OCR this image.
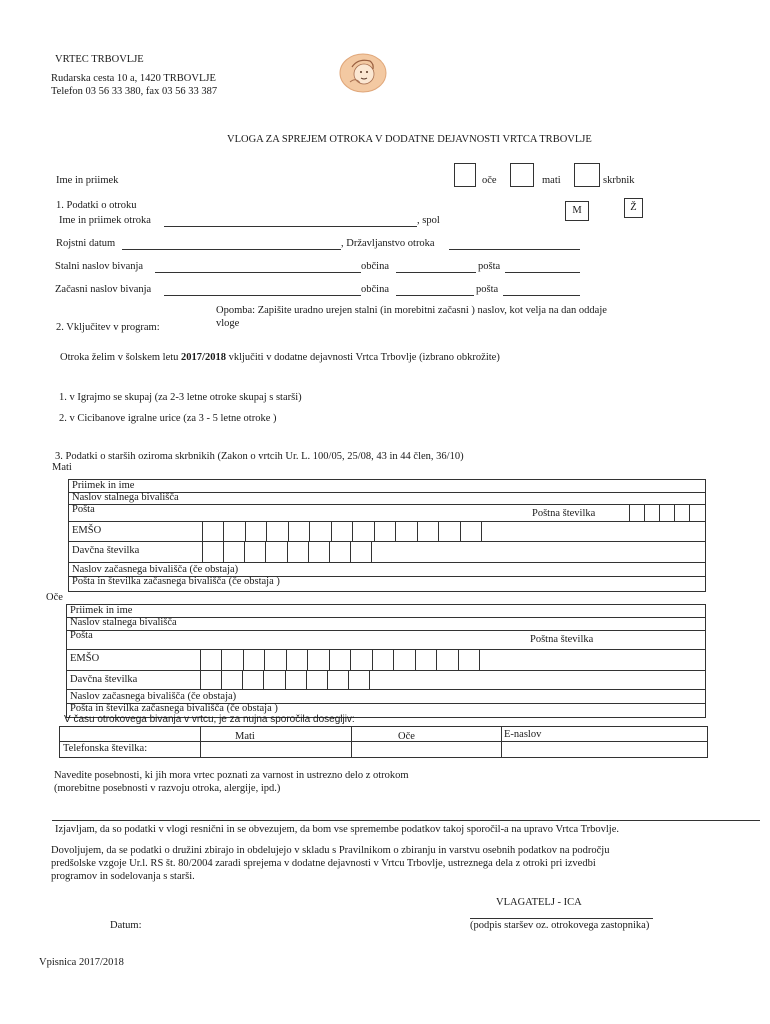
VRTEC TRBOVLJE
Rudarska cesta 10 a, 1420 TRBOVLJE
Telefon 03 56 33 380, fax 03 56 33 387
VLOGA ZA SPREJEM OTROKA V DODATNE DEJAVNOSTI VRTCA TRBOVLJE
Ime in priimek	oče	mati	skrbnik
1. Podatki o otroku
Ime in priimek otroka	, spol
M	Ž
Rojstni datum	, Državljanstvo otroka
Stalni naslov bivanja	občina	pošta
Začasni naslov bivanja	občina	pošta
Opomba: Zapišite uradno urejen stalni (in morebitni začasni ) naslov, kot velja na dan oddaje
vloge
2. Vključitev v program:
Otroka želim v šolskem letu 2017/2018 vključiti v dodatne dejavnosti Vrtca Trbovlje (izbrano obkrožite)
1. v Igrajmo se skupaj (za 2-3 letne otroke skupaj s starši)
2. v Cicibanove igralne urice (za 3 - 5 letne otroke )
3. Podatki o starših oziroma skrbnikih (Zakon o vrtcih Ur. L. 100/05, 25/08, 43 in 44 člen, 36/10)
Mati
Priimek in ime
Naslov stalnega bivališča
Pošta	Poštna številka
EMŠO
Davčna številka
Naslov začasnega bivališča (če obstaja)
Pošta in številka začasnega bivališča (če obstaja )
Oče
Priimek in ime
Naslov stalnega bivališča
Pošta	Poštna številka
EMŠO
Davčna številka
Naslov začasnega bivališča (če obstaja)
Pošta in številka začasnega bivališča (če obstaja )
V času otrokovega bivanja v vrtcu, je za nujna sporočila dosegljiv:
Mati	Oče	E-naslov
Telefonska številka:
Navedite posebnosti, ki jih mora vrtec poznati za varnost in ustrezno delo z otrokom
(morebitne posebnosti v razvoju otroka, alergije, ipd.)
Izjavljam, da so podatki v vlogi resnični in se obvezujem, da bom vse spremembe podatkov takoj sporočil-a na upravo Vrtca Trbovlje.
Dovoljujem, da se podatki o družini zbirajo in obdelujejo v skladu s Pravilnikom o zbiranju in varstvu osebnih podatkov na področju
predšolske vzgoje Ur.l. RS št. 80/2004 zaradi sprejema v dodatne dejavnosti v Vrtcu Trbovlje, ustreznega dela z otroki pri izvedbi
programov in sodelovanja s starši.
VLAGATELJ - ICA
(podpis staršev oz. otrokovega zastopnika)
Datum:
Vpisnica 2017/2018
